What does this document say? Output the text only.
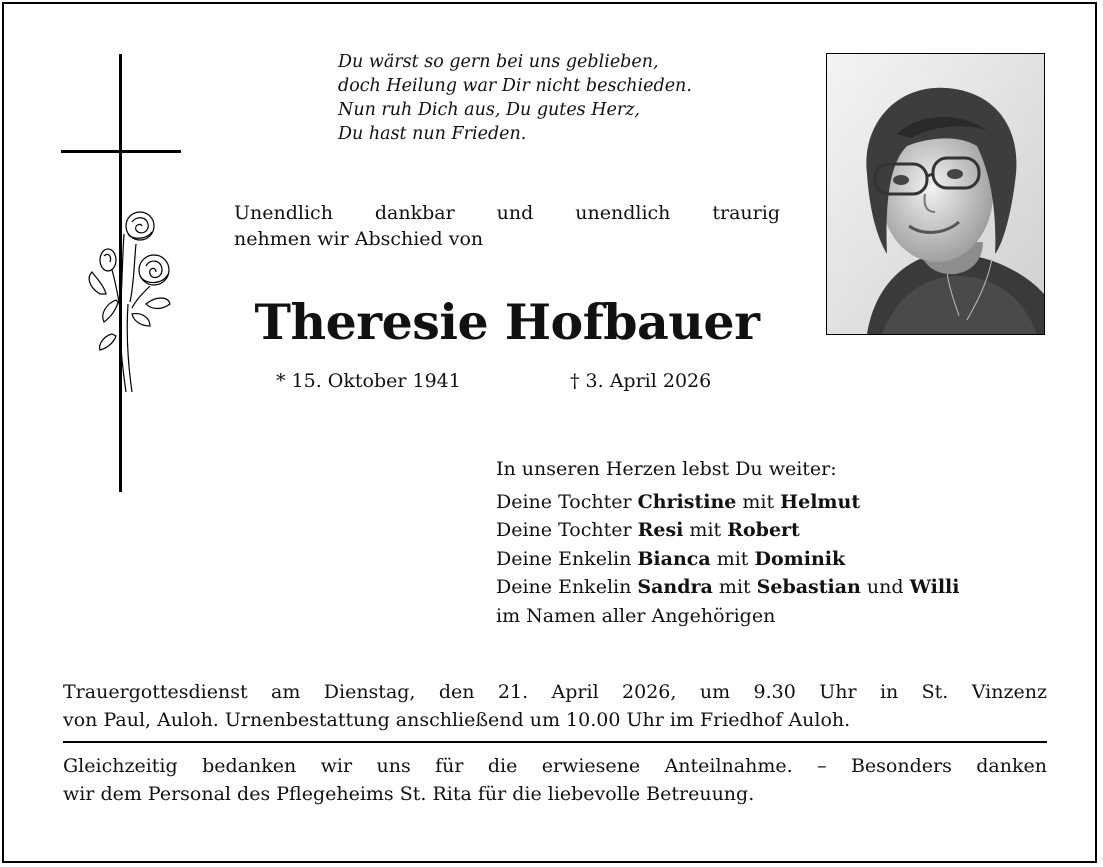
Du wärst so gern bei uns geblieben,
doch Heilung war Dir nicht beschieden.
Nun ruh Dich aus, Du gutes Herz,
Du hast nun Frieden.
Unendlich dankbar und unendlich traurig
nehmen wir Abschied von
Theresie Hofbauer
* 15. Oktober 1941	† 3. April 2026
In unseren Herzen lebst Du weiter:
Deine Tochter Christine mit Helmut
Deine Tochter Resi mit Robert
Deine Enkelin Bianca mit Dominik
Deine Enkelin Sandra mit Sebastian und Willi
im Namen aller Angehörigen
Trauergottesdienst am Dienstag, den 21. April 2026, um 9.30 Uhr in St. Vinzenz
von Paul, Auloh. Urnenbestattung anschließend um 10.00 Uhr im Friedhof Auloh.
Gleichzeitig bedanken wir uns für die erwiesene Anteilnahme. – Besonders danken
wir dem Personal des Pflegeheims St. Rita für die liebevolle Betreuung.
